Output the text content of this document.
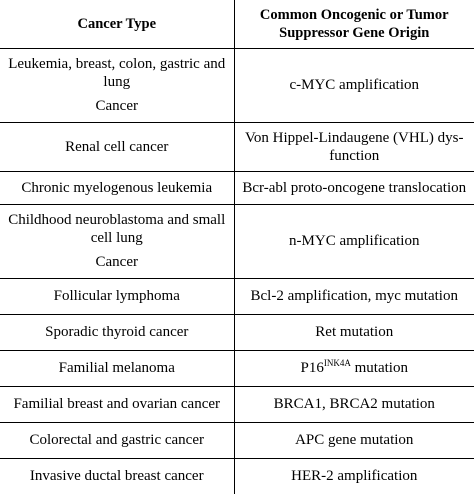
Cancer Type	Common Oncogenic or Tumor
Suppressor Gene Origin

Leukemia, breast, colon, gastric and
lung
Cancer	c-MYC amplification
Renal cell cancer	Von Hippel-Lindaugene (VHL) dys-
function

Chronic myelogenous leukemia	Bcr-abl proto-oncogene translocation

Childhood neuroblastoma and small
cell lung
Cancer	n-MYC amplification
Follicular lymphoma	Bcl-2 amplification, myc mutation
Sporadic thyroid cancer	Ret mutation
Familial melanoma	$P16^{INK4A}$ mutation
Familial breast and ovarian cancer	BRCA1, BRCA2 mutation
Colorectal and gastric cancer	APC gene mutation
Invasive ductal breast cancer	HER-2 amplification
